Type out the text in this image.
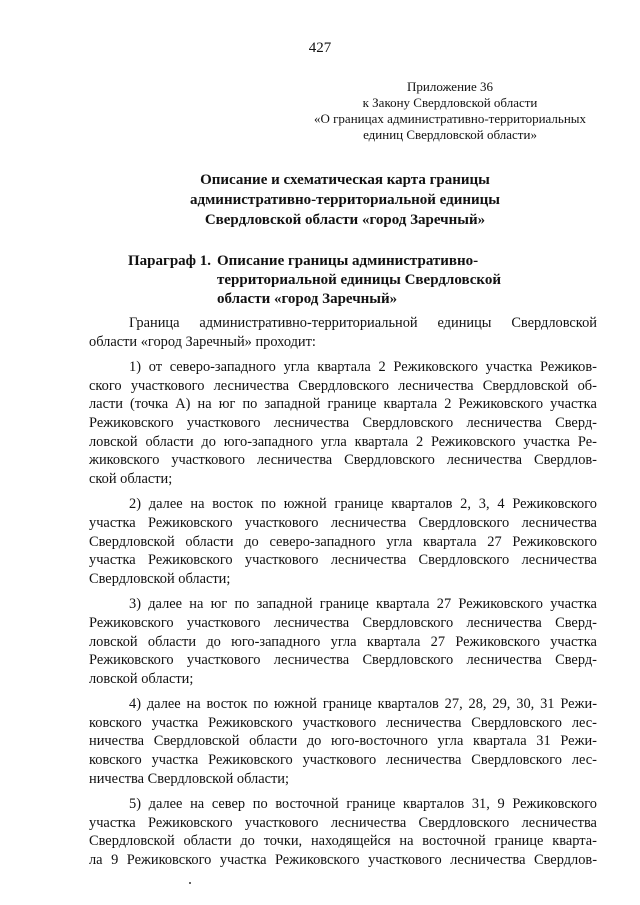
427
Приложение 36
к Закону Свердловской области
«О границах административно-территориальных
единиц Свердловской области»
Описание и схематическая карта границы
административно-территориальной единицы
Свердловской области «город Заречный»
Параграф 1. Описание границы административно-
территориальной единицы Свердловской
области «город Заречный»
Граница административно-территориальной единицы Свердловской
области «город Заречный» проходит:
1) от северо-западного угла квартала 2 Режиковского участка Режиков-
ского участкового лесничества Свердловского лесничества Свердловской об-
ласти (точка А) на юг по западной границе квартала 2 Режиковского участка
Режиковского участкового лесничества Свердловского лесничества Сверд-
ловской области до юго-западного угла квартала 2 Режиковского участка Ре-
жиковского участкового лесничества Свердловского лесничества Свердлов-
ской области;
2) далее на восток по южной границе кварталов 2, 3, 4 Режиковского
участка Режиковского участкового лесничества Свердловского лесничества
Свердловской области до северо-западного угла квартала 27 Режиковского
участка Режиковского участкового лесничества Свердловского лесничества
Свердловской области;
3) далее на юг по западной границе квартала 27 Режиковского участка
Режиковского участкового лесничества Свердловского лесничества Сверд-
ловской области до юго-западного угла квартала 27 Режиковского участка
Режиковского участкового лесничества Свердловского лесничества Сверд-
ловской области;
4) далее на восток по южной границе кварталов 27, 28, 29, 30, 31 Режи-
ковского участка Режиковского участкового лесничества Свердловского лес-
ничества Свердловской области до юго-восточного угла квартала 31 Режи-
ковского участка Режиковского участкового лесничества Свердловского лес-
ничества Свердловской области;
5) далее на север по восточной границе кварталов 31, 9 Режиковского
участка Режиковского участкового лесничества Свердловского лесничества
Свердловской области до точки, находящейся на восточной границе кварта-
ла 9 Режиковского участка Режиковского участкового лесничества Свердлов-
